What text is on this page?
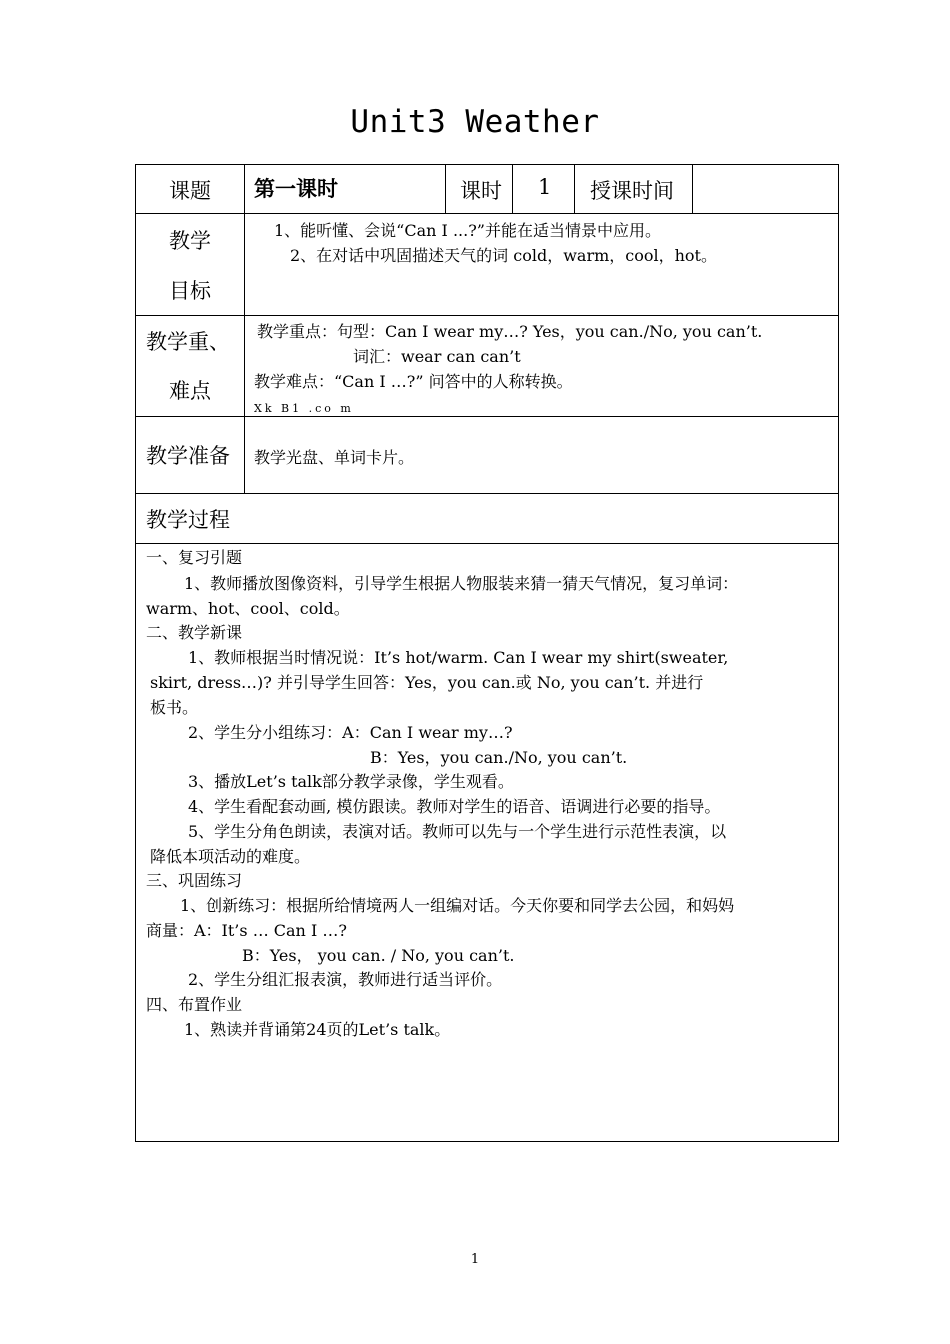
Unit3 Weather
课题 第一课时	课时 1 授课时间
教学
目标
1、能听懂、会说“Can I ...?”并能在适当情景中应用。
2、在对话中巩固描述天气的词 cold，warm，cool，hot。
教学重、
难点
教学重点：句型：Can I wear my…? Yes，you can./No, you can’t.
词汇：wear can can’t
教学难点：“Can I …?” 问答中的人称转换。
Xk B1 .co m
教学准备 教学光盘、单词卡片。
教学过程
一、复习引题
1、教师播放图像资料，引导学生根据人物服装来猜一猜天气情况，复习单词：
warm、hot、cool、cold。
二、教学新课
1、教师根据当时情况说：It’s hot/warm. Can I wear my shirt(sweater,
skirt, dress…)? 并引导学生回答：Yes，you can.或 No, you can’t. 并进行
板书。
2、学生分小组练习：A：Can I wear my…?
B：Yes，you can./No, you can’t.
3、播放Let’s talk部分教学录像，学生观看。
4、学生看配套动画, 模仿跟读。教师对学生的语音、语调进行必要的指导。
5、学生分角色朗读，表演对话。教师可以先与一个学生进行示范性表演，以
降低本项活动的难度。
三、巩固练习
1、创新练习：根据所给情境两人一组编对话。今天你要和同学去公园，和妈妈
商量：A：It’s … Can I …?
B：Yes， you can. / No, you can’t.
2、学生分组汇报表演，教师进行适当评价。
四、布置作业
1、熟读并背诵第24页的Let’s talk。
1
